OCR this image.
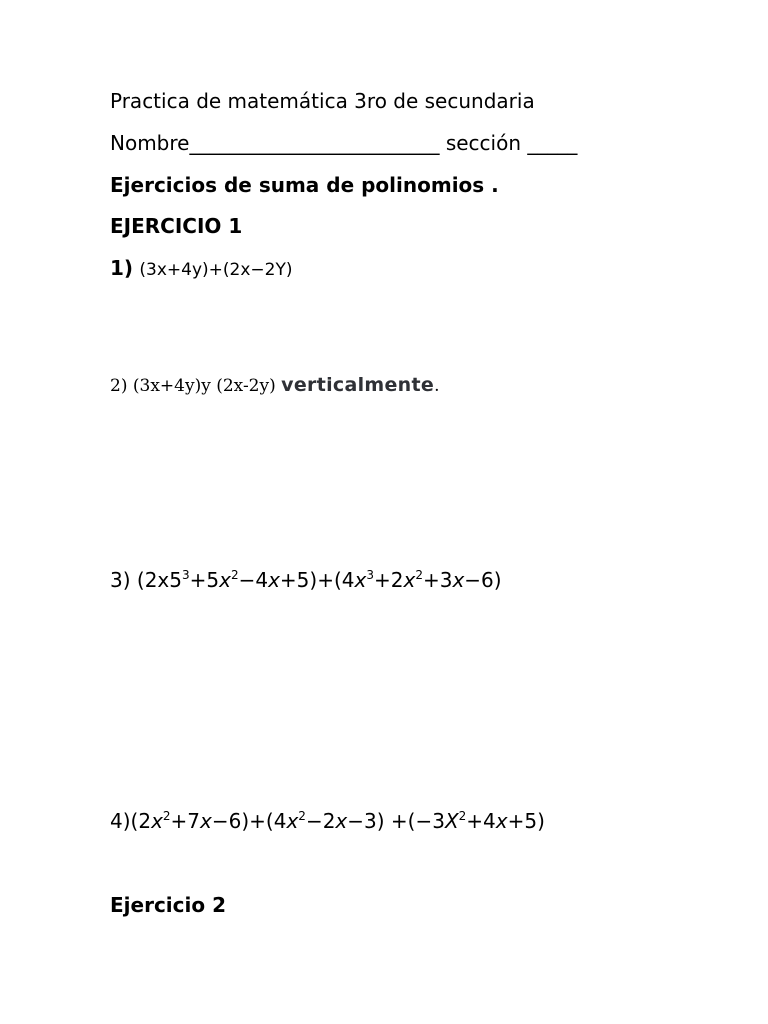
Practica de matemática 3ro de secundaria
Nombre_________________________ sección _____
Ejercicios de suma de polinomios .
EJERCICIO 1
1) (3x+4y)+(2x−2Y)
2) (3x+4y)y (2x-2y) verticalmente.
3) $(2x5^3+5x^2-4x+5)+(4x^3+2x^2+3x-6)$
$4)(2x^2+7x-6)+(4x^2-2x-3) +(-3X^2+4x+5)$
Ejercicio 2
